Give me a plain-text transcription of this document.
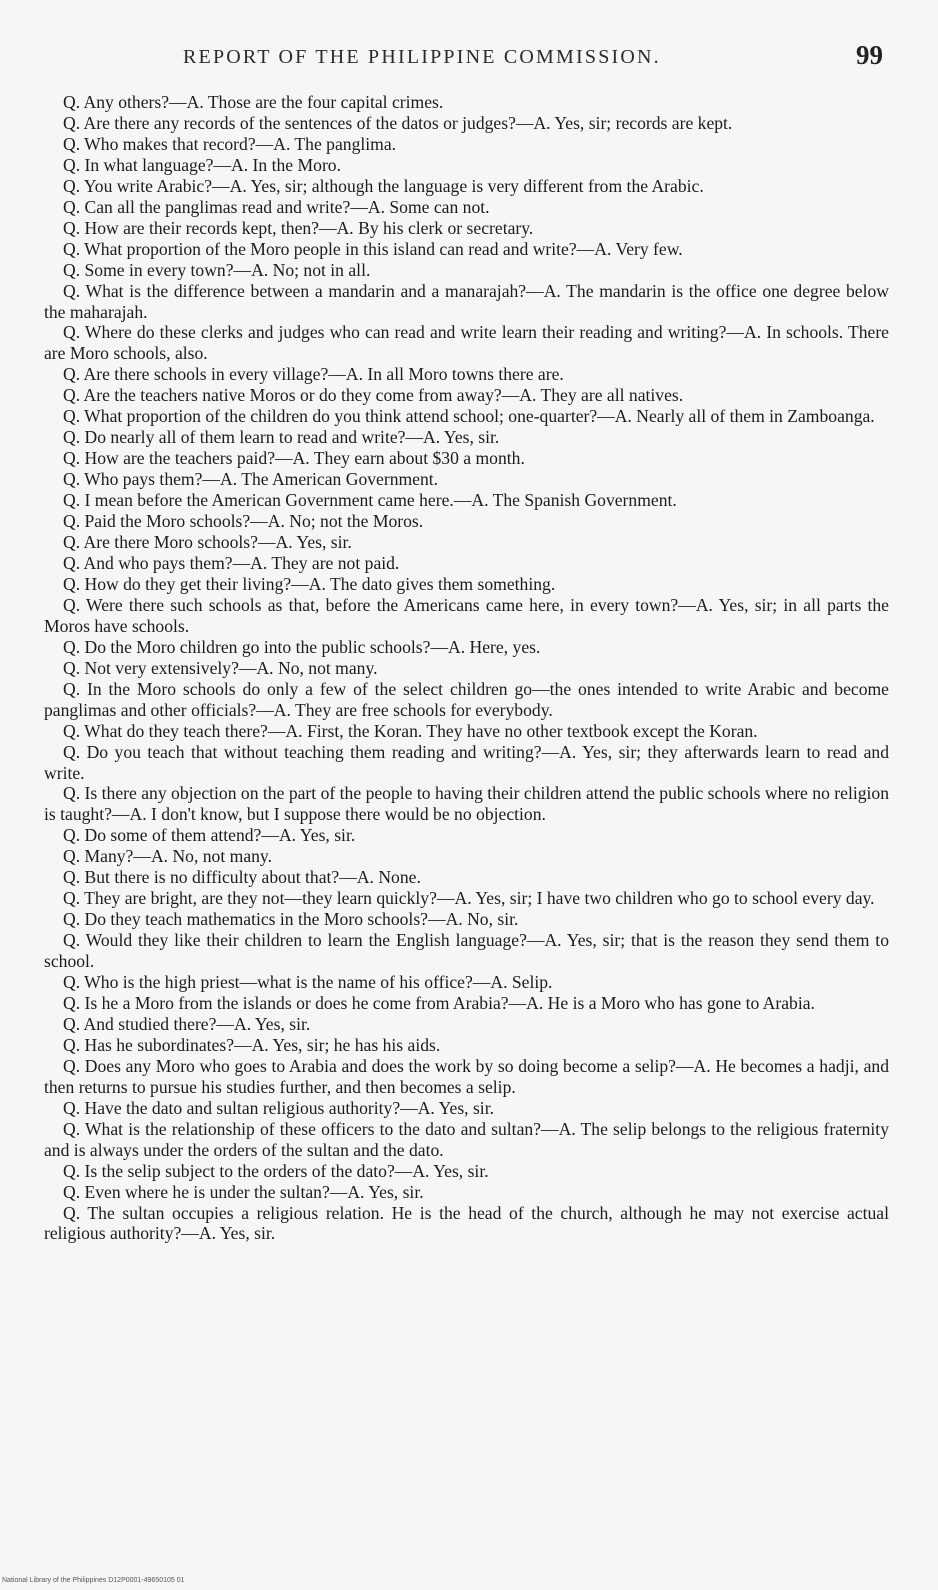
REPORT OF THE PHILIPPINE COMMISSION.	99

Q. Any others?—A. Those are the four capital crimes.

Q. Are there any records of the sentences of the datos or judges?—A. Yes, sir; records are kept.

Q. Who makes that record?—A. The panglima.

Q. In what language?—A. In the Moro.

Q. You write Arabic?—A. Yes, sir; although the language is very different from the Arabic.

Q. Can all the panglimas read and write?—A. Some can not.

Q. How are their records kept, then?—A. By his clerk or secretary.

Q. What proportion of the Moro people in this island can read and write?—A. Very few.

Q. Some in every town?—A. No; not in all.

Q. What is the difference between a mandarin and a manarajah?—A. The mandarin is the office one degree below the maharajah.

Q. Where do these clerks and judges who can read and write learn their reading and writing?—A. In schools. There are Moro schools, also.

Q. Are there schools in every village?—A. In all Moro towns there are.

Q. Are the teachers native Moros or do they come from away?—A. They are all natives.

Q. What proportion of the children do you think attend school; one-quarter?—A. Nearly all of them in Zamboanga.

Q. Do nearly all of them learn to read and write?—A. Yes, sir.

Q. How are the teachers paid?—A. They earn about $30 a month.

Q. Who pays them?—A. The American Government.

Q. I mean before the American Government came here.—A. The Spanish Government.

Q. Paid the Moro schools?—A. No; not the Moros.

Q. Are there Moro schools?—A. Yes, sir.

Q. And who pays them?—A. They are not paid.

Q. How do they get their living?—A. The dato gives them something.

Q. Were there such schools as that, before the Americans came here, in every town?—A. Yes, sir; in all parts the Moros have schools.

Q. Do the Moro children go into the public schools?—A. Here, yes.

Q. Not very extensively?—A. No, not many.

Q. In the Moro schools do only a few of the select children go—the ones intended to write Arabic and become panglimas and other officials?—A. They are free schools for everybody.

Q. What do they teach there?—A. First, the Koran. They have no other textbook except the Koran.

Q. Do you teach that without teaching them reading and writing?—A. Yes, sir; they afterwards learn to read and write.

Q. Is there any objection on the part of the people to having their children attend the public schools where no religion is taught?—A. I don't know, but I suppose there would be no objection.

Q. Do some of them attend?—A. Yes, sir.

Q. Many?—A. No, not many.

Q. But there is no difficulty about that?—A. None.

Q. They are bright, are they not—they learn quickly?—A. Yes, sir; I have two children who go to school every day.

Q. Do they teach mathematics in the Moro schools?—A. No, sir.

Q. Would they like their children to learn the English language?—A. Yes, sir; that is the reason they send them to school.

Q. Who is the high priest—what is the name of his office?—A. Selip.

Q. Is he a Moro from the islands or does he come from Arabia?—A. He is a Moro who has gone to Arabia.

Q. And studied there?—A. Yes, sir.

Q. Has he subordinates?—A. Yes, sir; he has his aids.

Q. Does any Moro who goes to Arabia and does the work by so doing become a selip?—A. He becomes a hadji, and then returns to pursue his studies further, and then becomes a selip.

Q. Have the dato and sultan religious authority?—A. Yes, sir.

Q. What is the relationship of these officers to the dato and sultan?—A. The selip belongs to the religious fraternity and is always under the orders of the sultan and the dato.

Q. Is the selip subject to the orders of the dato?—A. Yes, sir.

Q. Even where he is under the sultan?—A. Yes, sir.

Q. The sultan occupies a religious relation. He is the head of the church, although he may not exercise actual religious authority?—A. Yes, sir.

National Library of the Philippines D12P0001-49650105 01
